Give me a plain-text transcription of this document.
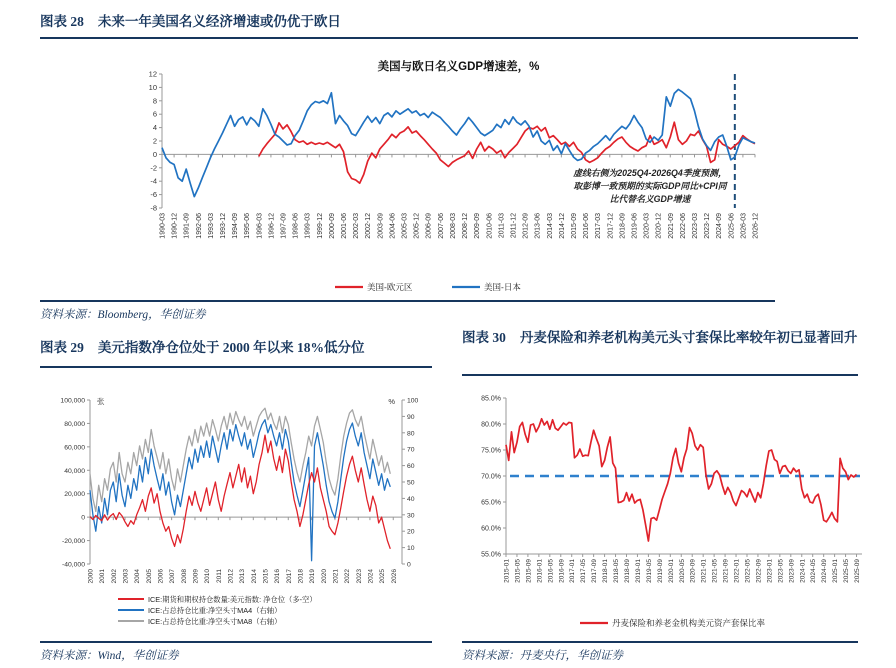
图表 28 未来一年美国名义经济增速或仍优于欧日
美国与欧日名义GDP增速差，%
12
10
8
6
4
2
0
-2
-4
-6
-8
1990-03 1990-12 1991-09 1992-06 1993-03 1993-12 1994-09 1995-06 1996-03 1996-12 1997-09 1998-06 1999-03 1999-12 2000-09 2001-06 2002-03 2002-12 2003-09 2004-06 2005-03 2005-12 2006-09 2007-06 2008-03 2008-12 2009-09 2010-06 2011-03 2011-12 2012-09 2013-06 2014-03 2014-12 2015-09 2016-06 2017-03 2017-12 2018-09 2019-06 2020-03 2020-12 2021-09 2022-06 2023-03 2023-12 2024-09 2025-06 2026-03 2026-12
虚线右侧为2025Q4-2026Q4季度预测，
取彭博一致预期的实际GDP同比+CPI同
比代替名义GDP增速
美国-欧元区	美国-日本
资料来源：Bloomberg，华创证券
图表 29 美元指数净仓位处于 2000 年以来 18%低分位
图表 30 丹麦保险和养老机构美元头寸套保比率较年初已显著回升
100,000
80,000
60,000
40,000
20,000
0
-20,000
-40,000
100
90
80
70
60
50
40
30
20
10
0
张	%
2000 2001 2002 2003 2004 2005 2006 2007 2008 2009 2010 2011 2012 2013 2014 2015 2016 2017 2018 2019 2020 2021 2022 2023 2024 2025 2026
ICE:期货和期权持仓数量:美元指数: 净仓位（多-空）
ICE:占总持仓比重:净空头寸MA4（右轴）
ICE:占总持仓比重:净空头寸MA8（右轴）
85.0%
80.0%
75.0%
70.0%
65.0%
60.0%
55.0%
2015-01 2015-05 2015-09 2016-01 2016-05 2016-09 2017-01 2017-05 2017-09 2018-01 2018-05 2018-09 2019-01 2019-05 2019-09 2020-01 2020-05 2020-09 2021-01 2021-05 2021-09 2022-01 2022-05 2022-09 2023-01 2023-05 2023-09 2024-01 2024-05 2024-09 2025-01 2025-05 2025-09
丹麦保险和养老金机构美元资产套保比率
资料来源：Wind，华创证券	资料来源：丹麦央行，华创证券
